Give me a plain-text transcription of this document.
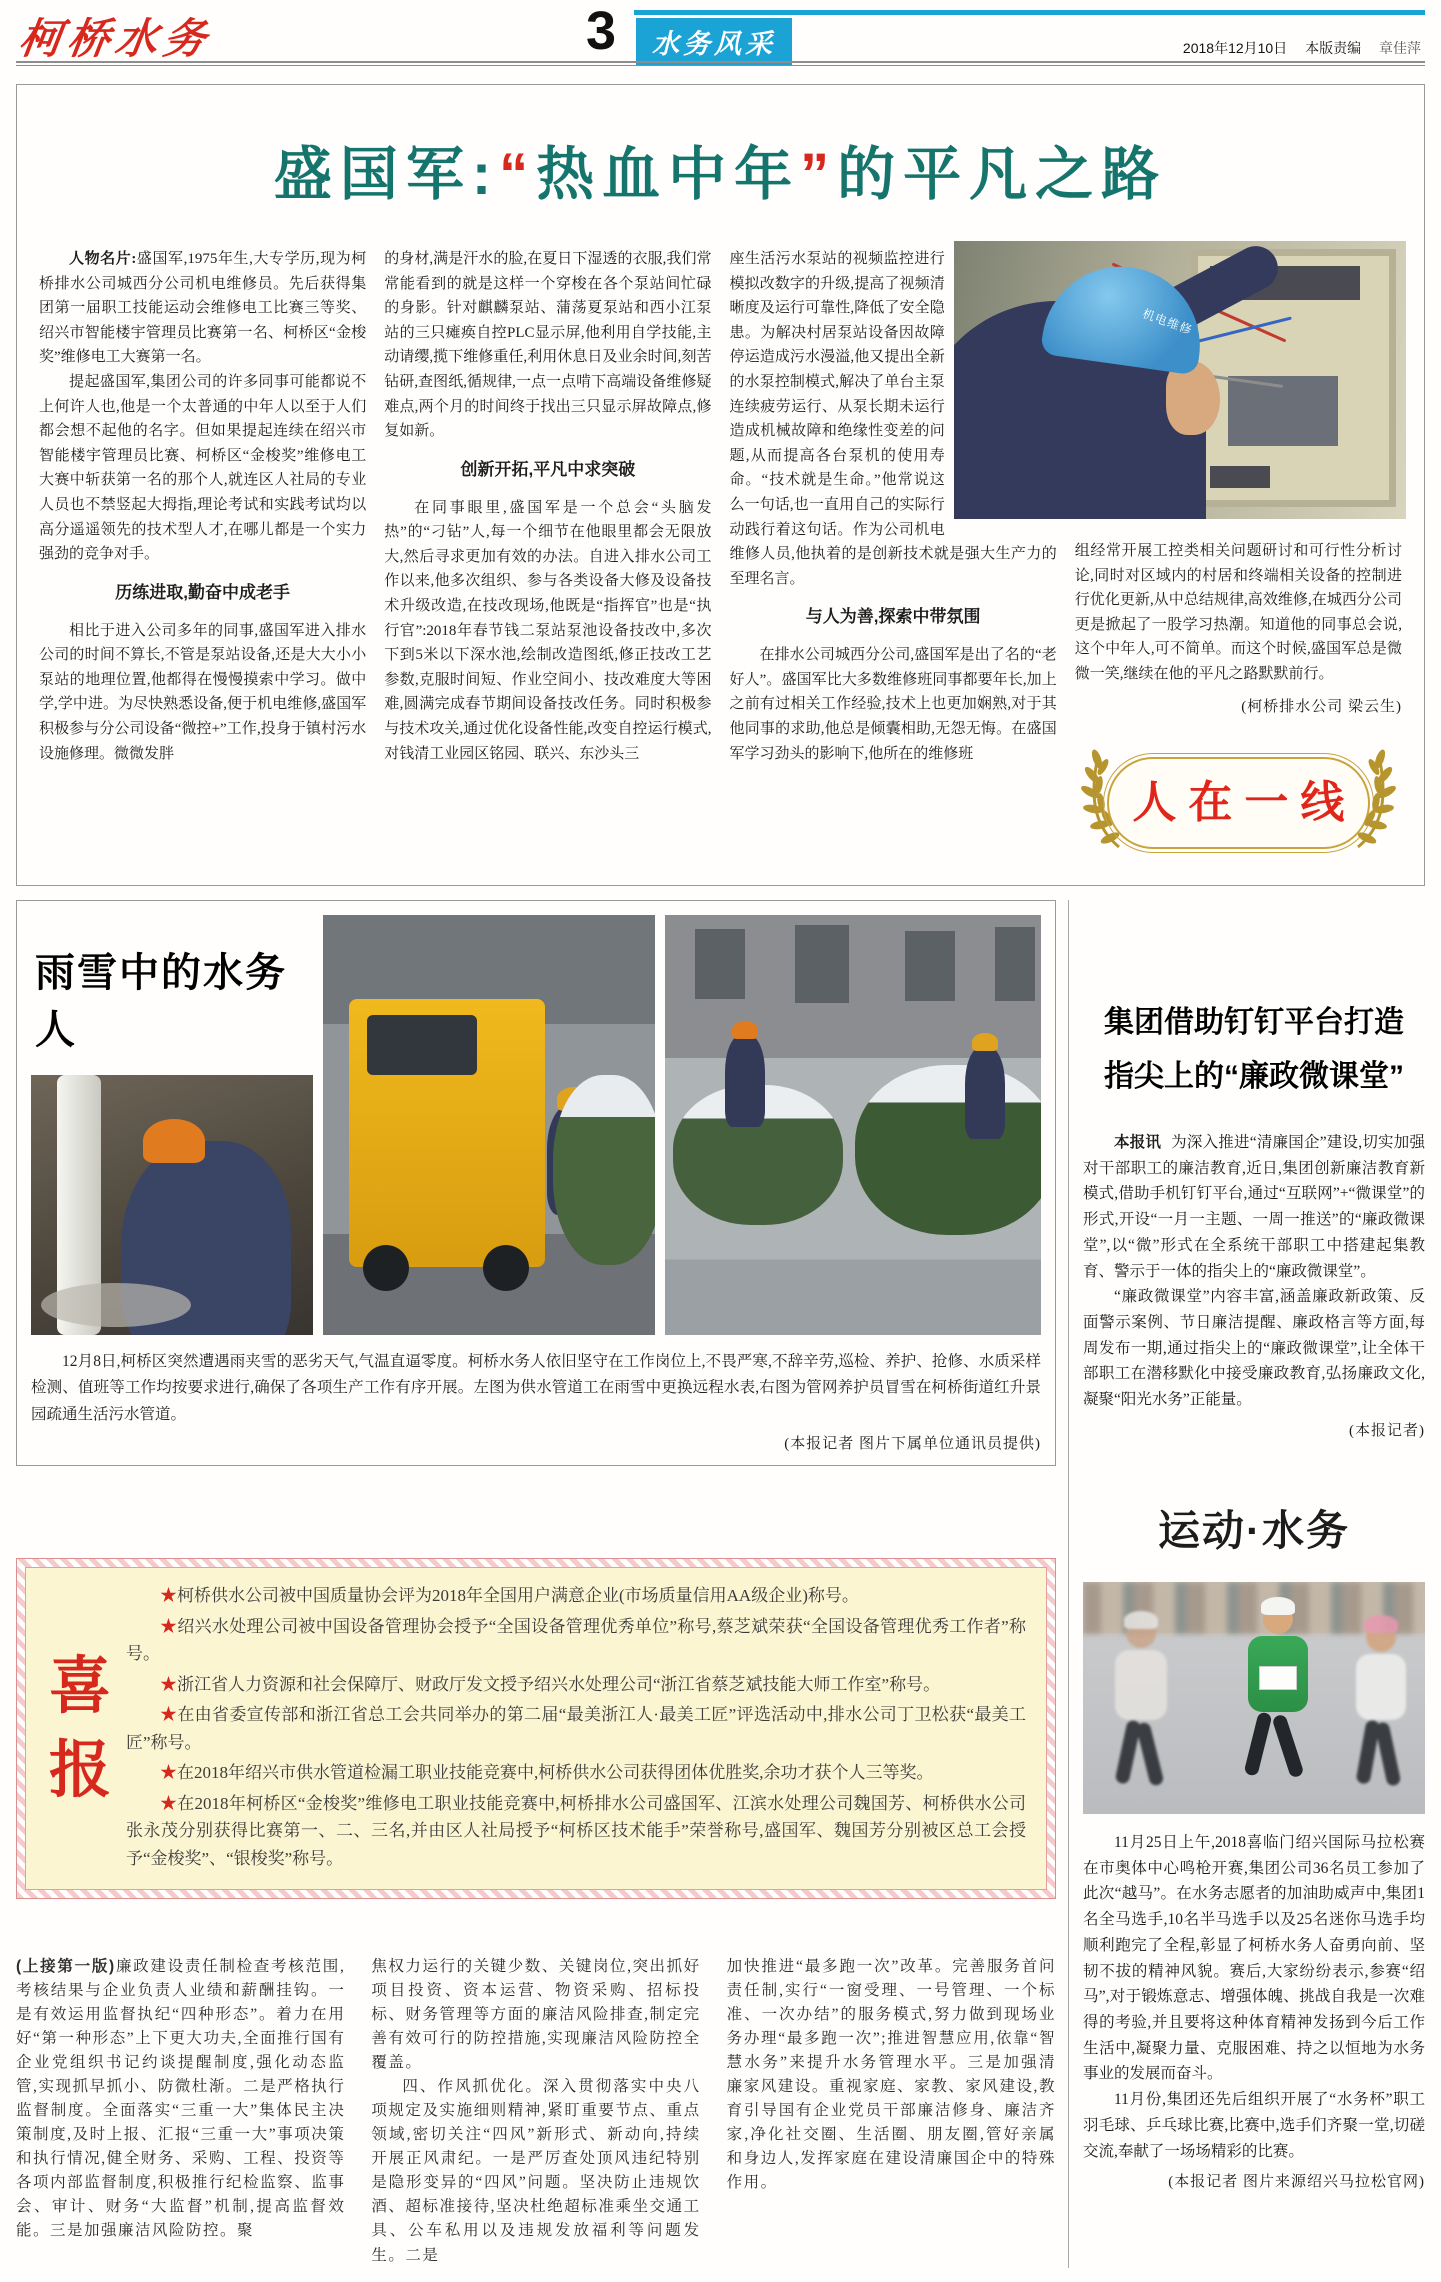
柯桥水务	3	水务风采	2018年12月10日 本版责编 章佳萍
盛国军:“热血中年”的平凡之路
机电维修

人物名片:盛国军,1975年生,大专学历,现为柯桥排水公司城西分公司机电维修员。先后获得集团第一届职工技能运动会维修电工比赛三等奖、绍兴市智能楼宇管理员比赛第一名、柯桥区“金梭奖”维修电工大赛第一名。

提起盛国军,集团公司的许多同事可能都说不上何许人也,他是一个太普通的中年人以至于人们都会想不起他的名字。但如果提起连续在绍兴市智能楼宇管理员比赛、柯桥区“金梭奖”维修电工大赛中斩获第一名的那个人,就连区人社局的专业人员也不禁竖起大拇指,理论考试和实践考试均以高分遥遥领先的技术型人才,在哪儿都是一个实力强劲的竞争对手。

历练进取,勤奋中成老手

相比于进入公司多年的同事,盛国军进入排水公司的时间不算长,不管是泵站设备,还是大大小小泵站的地理位置,他都得在慢慢摸索中学习。做中学,学中进。为尽快熟悉设备,便于机电维修,盛国军积极参与分公司设备“微控+”工作,投身于镇村污水设施修理。微微发胖

的身材,满是汗水的脸,在夏日下湿透的衣服,我们常常能看到的就是这样一个穿梭在各个泵站间忙碌的身影。针对麒麟泵站、蒲荡夏泵站和西小江泵站的三只瘫痪自控PLC显示屏,他利用自学技能,主动请缨,揽下维修重任,利用休息日及业余时间,刻苦钻研,查图纸,循规律,一点一点啃下高端设备维修疑难点,两个月的时间终于找出三只显示屏故障点,修复如新。

创新开拓,平凡中求突破

在同事眼里,盛国军是一个总会“头脑发热”的“刁钻”人,每一个细节在他眼里都会无限放大,然后寻求更加有效的办法。自进入排水公司工作以来,他多次组织、参与各类设备大修及设备技术升级改造,在技改现场,他既是“指挥官”也是“执行官”:2018年春节钱二泵站泵池设备技改中,多次下到5米以下深水池,绘制改造图纸,修正技改工艺参数,克服时间短、作业空间小、技改难度大等困难,圆满完成春节期间设备技改任务。同时积极参与技术攻关,通过优化设备性能,改变自控运行模式,对钱清工业园区铭园、联兴、东沙头三

座生活污水泵站的视频监控进行模拟改数字的升级,提高了视频清晰度及运行可靠性,降低了安全隐患。为解决村居泵站设备因故障停运造成污水漫溢,他又提出全新的水泵控制模式,解决了单台主泵连续疲劳运行、从泵长期未运行造成机械故障和绝缘性变差的问题,从而提高各台泵机的使用寿命。“技术就是生命。”他常说这么一句话,也一直用自己的实际行动践行着这句话。作为公司机电维修人员,他执着的是创新技术就是强大生产力的至理名言。

与人为善,探索中带氛围

在排水公司城西分公司,盛国军是出了名的“老好人”。盛国军比大多数维修班同事都要年长,加上之前有过相关工作经验,技术上也更加娴熟,对于其他同事的求助,他总是倾囊相助,无怨无悔。在盛国军学习劲头的影响下,他所在的维修班

组经常开展工控类相关问题研讨和可行性分析讨论,同时对区域内的村居和终端相关设备的控制进行优化更新,从中总结规律,高效维修,在城西分公司更是掀起了一股学习热潮。知道他的同事总会说,这个中年人,可不简单。而这个时候,盛国军总是微微一笑,继续在他的平凡之路默默前行。

(柯桥排水公司 梁云生)
人在一线
雨雪中的水务人

12月8日,柯桥区突然遭遇雨夹雪的恶劣天气,气温直逼零度。柯桥水务人依旧坚守在工作岗位上,不畏严寒,不辞辛劳,巡检、养护、抢修、水质采样检测、值班等工作均按要求进行,确保了各项生产工作有序开展。左图为供水管道工在雨雪中更换远程水表,右图为管网养护员冒雪在柯桥街道红升景园疏通生活污水管道。

(本报记者 图片下属单位通讯员提供)
喜
报

★柯桥供水公司被中国质量协会评为2018年全国用户满意企业(市场质量信用AA级企业)称号。

★绍兴水处理公司被中国设备管理协会授予“全国设备管理优秀单位”称号,蔡芝斌荣获“全国设备管理优秀工作者”称号。

★浙江省人力资源和社会保障厅、财政厅发文授予绍兴水处理公司“浙江省蔡芝斌技能大师工作室”称号。

★在由省委宣传部和浙江省总工会共同举办的第二届“最美浙江人·最美工匠”评选活动中,排水公司丁卫松获“最美工匠”称号。

★在2018年绍兴市供水管道检漏工职业技能竞赛中,柯桥供水公司获得团体优胜奖,余功才获个人三等奖。

★在2018年柯桥区“金梭奖”维修电工职业技能竞赛中,柯桥排水公司盛国军、江滨水处理公司魏国芳、柯桥供水公司张永茂分别获得比赛第一、二、三名,并由区人社局授予“柯桥区技术能手”荣誉称号,盛国军、魏国芳分别被区总工会授予“金梭奖”、“银梭奖”称号。

(上接第一版)廉政建设责任制检查考核范围,考核结果与企业负责人业绩和薪酬挂钩。一是有效运用监督执纪“四种形态”。着力在用好“第一种形态”上下更大功夫,全面推行国有企业党组织书记约谈提醒制度,强化动态监管,实现抓早抓小、防微杜渐。二是严格执行监督制度。全面落实“三重一大”集体民主决策制度,及时上报、汇报“三重一大”事项决策和执行情况,健全财务、采购、工程、投资等各项内部监督制度,积极推行纪检监察、监事会、审计、财务“大监督”机制,提高监督效能。三是加强廉洁风险防控。聚

焦权力运行的关键少数、关键岗位,突出抓好项目投资、资本运营、物资采购、招标投标、财务管理等方面的廉洁风险排查,制定完善有效可行的防控措施,实现廉洁风险防控全覆盖。

四、作风抓优化。深入贯彻落实中央八项规定及实施细则精神,紧盯重要节点、重点领域,密切关注“四风”新形式、新动向,持续开展正风肃纪。一是严厉查处顶风违纪特别是隐形变异的“四风”问题。坚决防止违规饮酒、超标准接待,坚决杜绝超标准乘坐交通工具、公车私用以及违规发放福利等问题发生。二是

加快推进“最多跑一次”改革。完善服务首问责任制,实行“一窗受理、一号管理、一个标准、一次办结”的服务模式,努力做到现场业务办理“最多跑一次”;推进智慧应用,依靠“智慧水务”来提升水务管理水平。三是加强清廉家风建设。重视家庭、家教、家风建设,教育引导国有企业党员干部廉洁修身、廉洁齐家,净化社交圈、生活圈、朋友圈,管好亲属和身边人,发挥家庭在建设清廉国企中的特殊作用。

集团借助钉钉平台打造
指尖上的“廉政微课堂”

本报讯 为深入推进“清廉国企”建设,切实加强对干部职工的廉洁教育,近日,集团创新廉洁教育新模式,借助手机钉钉平台,通过“互联网”+“微课堂”的形式,开设“一月一主题、一周一推送”的“廉政微课堂”,以“微”形式在全系统干部职工中搭建起集教育、警示于一体的指尖上的“廉政微课堂”。

“廉政微课堂”内容丰富,涵盖廉政新政策、反面警示案例、节日廉洁提醒、廉政格言等方面,每周发布一期,通过指尖上的“廉政微课堂”,让全体干部职工在潜移默化中接受廉政教育,弘扬廉政文化,凝聚“阳光水务”正能量。

(本报记者)
运动·水务

11月25日上午,2018喜临门绍兴国际马拉松赛在市奥体中心鸣枪开赛,集团公司36名员工参加了此次“越马”。在水务志愿者的加油助威声中,集团1名全马选手,10名半马选手以及25名迷你马选手均顺利跑完了全程,彰显了柯桥水务人奋勇向前、坚韧不拔的精神风貌。赛后,大家纷纷表示,参赛“绍马”,对于锻炼意志、增强体魄、挑战自我是一次难得的考验,并且要将这种体育精神发扬到今后工作生活中,凝聚力量、克服困难、持之以恒地为水务事业的发展而奋斗。

11月份,集团还先后组织开展了“水务杯”职工羽毛球、乒乓球比赛,比赛中,选手们齐聚一堂,切磋交流,奉献了一场场精彩的比赛。

(本报记者 图片来源绍兴马拉松官网)
